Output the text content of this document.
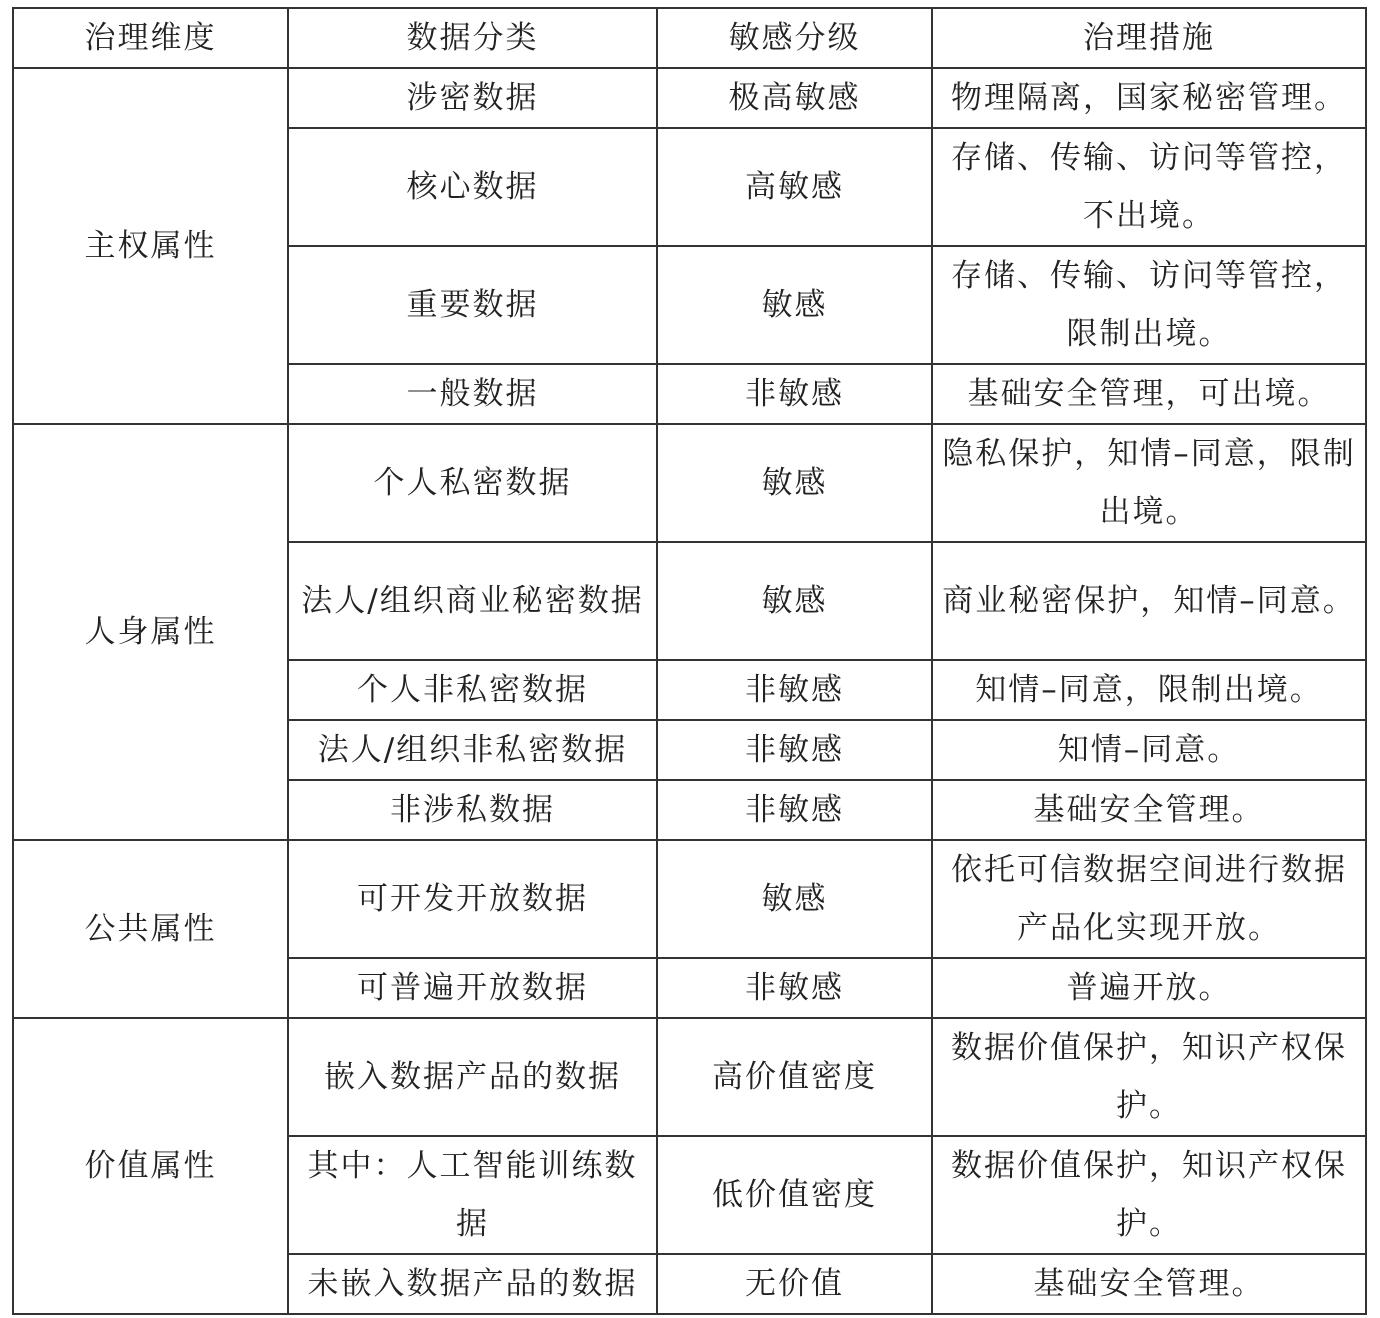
治理维度	数据分类	敏感分级	治理措施
主权属性	涉密数据	极高敏感	物理隔离，国家秘密管理。
	核心数据	高敏感	存储、传输、访问等管控，不出境。
	重要数据	敏感	存储、传输、访问等管控，限制出境。
	一般数据	非敏感	基础安全管理，可出境。
人身属性	个人私密数据	敏感	隐私保护，知情–同意，限制出境。
	法人/组织商业秘密数据	敏感	商业秘密保护，知情–同意。
	个人非私密数据	非敏感	知情–同意，限制出境。
	法人/组织非私密数据	非敏感	知情–同意。
	非涉私数据	非敏感	基础安全管理。
公共属性	可开发开放数据	敏感	依托可信数据空间进行数据产品化实现开放。
	可普遍开放数据	非敏感	普遍开放。
价值属性	嵌入数据产品的数据	高价值密度	数据价值保护，知识产权保护。
	其中：人工智能训练数据	低价值密度	数据价值保护，知识产权保护。
	未嵌入数据产品的数据	无价值	基础安全管理。
